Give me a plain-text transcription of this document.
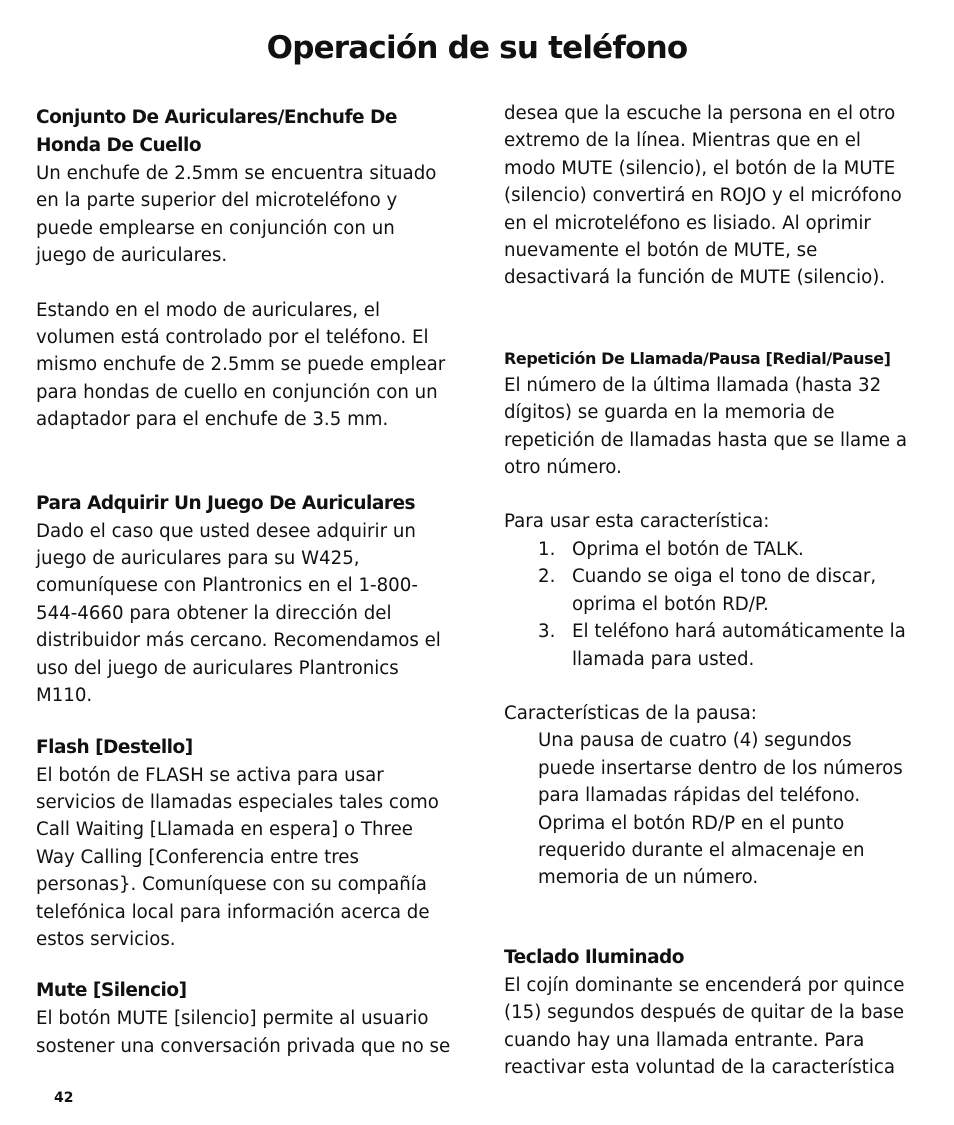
Operación de su teléfono

Conjunto De Auriculares/Enchufe De
Honda De Cuello

Un enchufe de 2.5mm se encuentra situado
en la parte superior del microteléfono y
puede emplearse en conjunción con un
juego de auriculares.

Estando en el modo de auriculares, el
volumen está controlado por el teléfono. El
mismo enchufe de 2.5mm se puede emplear
para hondas de cuello en conjunción con un
adaptador para el enchufe de 3.5 mm.

Para Adquirir Un Juego De Auriculares

Dado el caso que usted desee adquirir un
juego de auriculares para su W425,
comuníquese con Plantronics en el 1-800-
544-4660 para obtener la dirección del
distribuidor más cercano. Recomendamos el
uso del juego de auriculares Plantronics
M110.

Flash [Destello]

El botón de FLASH se activa para usar
servicios de llamadas especiales tales como
Call Waiting [Llamada en espera] o Three
Way Calling [Conferencia entre tres
personas}. Comuníquese con su compañía
telefónica local para información acerca de
estos servicios.

Mute [Silencio]

El botón MUTE [silencio] permite al usuario
sostener una conversación privada que no se

desea que la escuche la persona en el otro
extremo de la línea. Mientras que en el
modo MUTE (silencio), el botón de la MUTE
(silencio) convertirá en ROJO y el micrófono
en el microteléfono es lisiado. Al oprimir
nuevamente el botón de MUTE, se
desactivará la función de MUTE (silencio).

Repetición De Llamada/Pausa [Redial/Pause]

El número de la última llamada (hasta 32
dígitos) se guarda en la memoria de
repetición de llamadas hasta que se llame a
otro número.

Para usar esta característica:

1. Oprima el botón de TALK.
2. Cuando se oiga el tono de discar,
oprima el botón RD/P.
3. El teléfono hará automáticamente la
llamada para usted.

Características de la pausa:

Una pausa de cuatro (4) segundos
puede insertarse dentro de los números
para llamadas rápidas del teléfono.
Oprima el botón RD/P en el punto
requerido durante el almacenaje en
memoria de un número.

Teclado Iluminado

El cojín dominante se encenderá por quince
(15) segundos después de quitar de la base
cuando hay una llamada entrante. Para
reactivar esta voluntad de la característica

42
